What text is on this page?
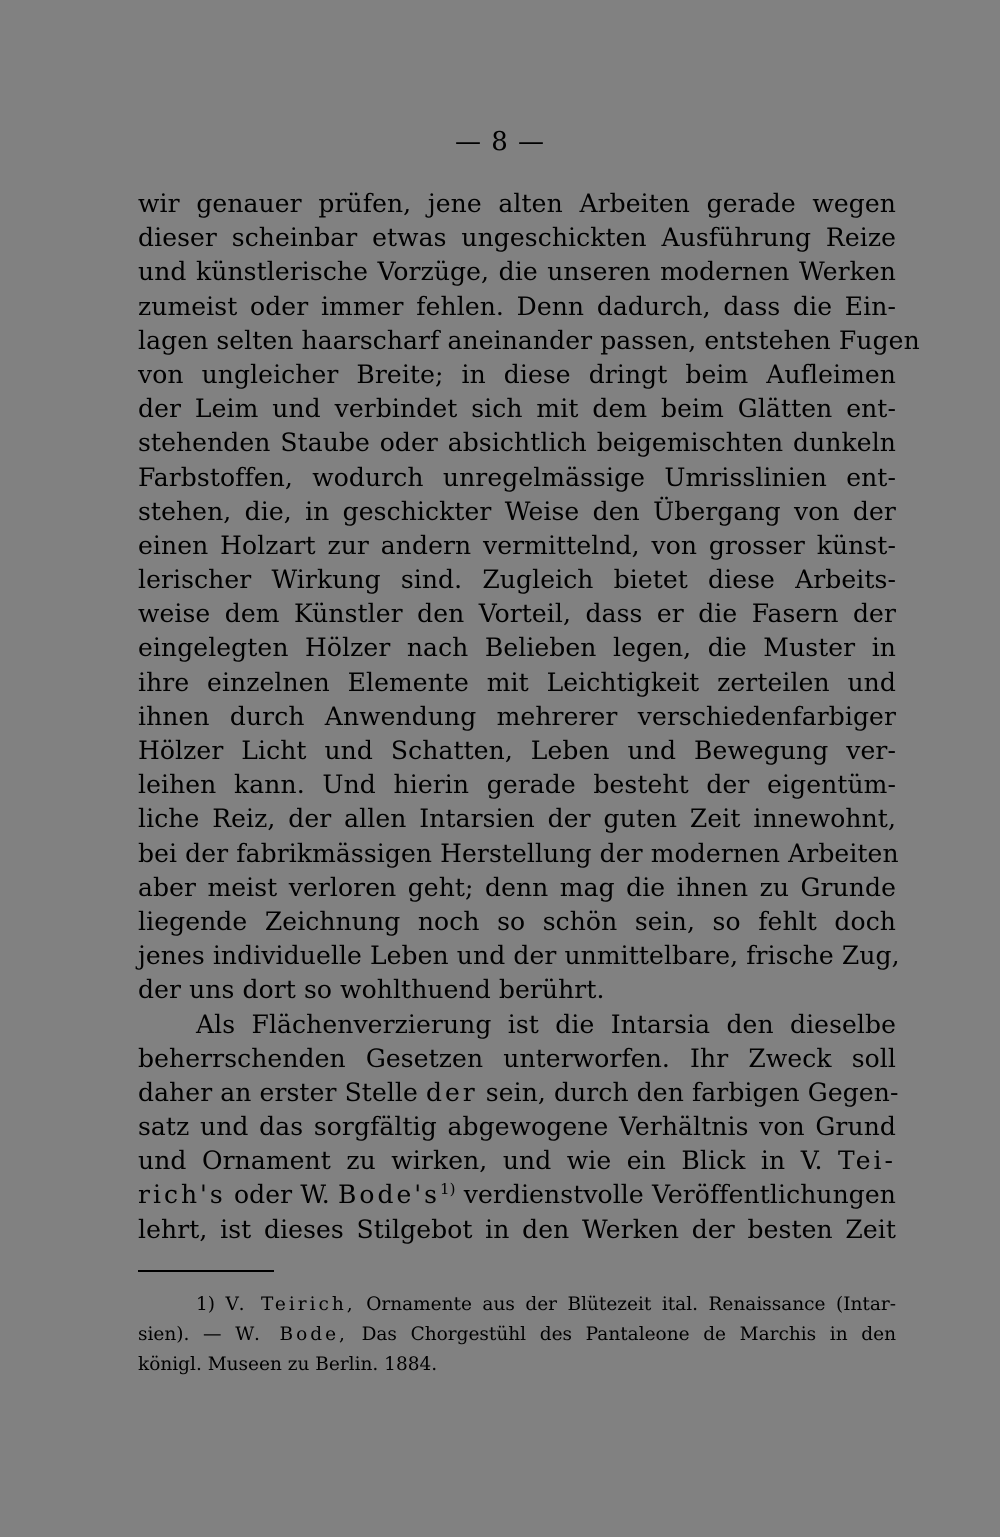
— 8 —
wir genauer prüfen, jene alten Arbeiten gerade wegen
dieser scheinbar etwas ungeschickten Ausführung Reize
und künstlerische Vorzüge, die unseren modernen Werken
zumeist oder immer fehlen. Denn dadurch, dass die Ein-
lagen selten haarscharf aneinander passen, entstehen Fugen
von ungleicher Breite; in diese dringt beim Aufleimen
der Leim und verbindet sich mit dem beim Glätten ent-
stehenden Staube oder absichtlich beigemischten dunkeln
Farbstoffen, wodurch unregelmässige Umrisslinien ent-
stehen, die, in geschickter Weise den Übergang von der
einen Holzart zur andern vermittelnd, von grosser künst-
lerischer Wirkung sind. Zugleich bietet diese Arbeits-
weise dem Künstler den Vorteil, dass er die Fasern der
eingelegten Hölzer nach Belieben legen, die Muster in
ihre einzelnen Elemente mit Leichtigkeit zerteilen und
ihnen durch Anwendung mehrerer verschiedenfarbiger
Hölzer Licht und Schatten, Leben und Bewegung ver-
leihen kann. Und hierin gerade besteht der eigentüm-
liche Reiz, der allen Intarsien der guten Zeit innewohnt,
bei der fabrikmässigen Herstellung der modernen Arbeiten
aber meist verloren geht; denn mag die ihnen zu Grunde
liegende Zeichnung noch so schön sein, so fehlt doch
jenes individuelle Leben und der unmittelbare, frische Zug,
der uns dort so wohlthuend berührt.
Als Flächenverzierung ist die Intarsia den dieselbe
beherrschenden Gesetzen unterworfen. Ihr Zweck soll
daher an erster Stelle der sein, durch den farbigen Gegen-
satz und das sorgfältig abgewogene Verhältnis von Grund
und Ornament zu wirken, und wie ein Blick in V. Tei-
rich's oder W. $Bode's^{1)}$ verdienstvolle Veröffentlichungen
lehrt, ist dieses Stilgebot in den Werken der besten Zeit
1) V. Teirich, Ornamente aus der Blütezeit ital. Renaissance (Intar-
sien). — W. Bode, Das Chorgestühl des Pantaleone de Marchis in den
königl. Museen zu Berlin. 1884.
